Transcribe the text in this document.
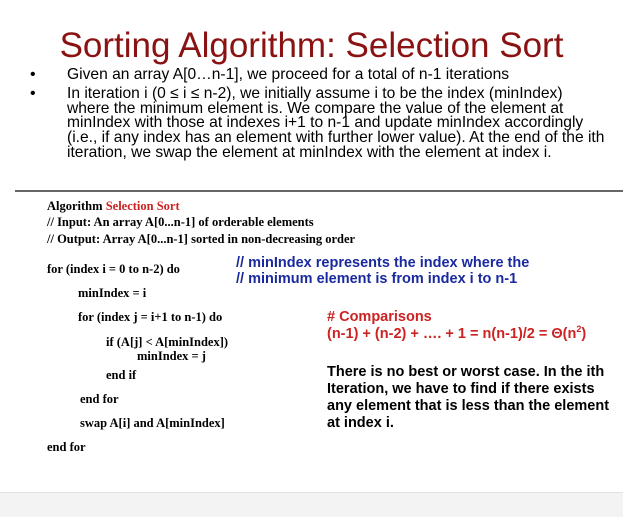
Sorting Algorithm: Selection Sort
• Given an array A[0…n-1], we proceed for a total of n-1 iterations
• In iteration i (0 ≤ i ≤ n-2), we initially assume i to be the index (minIndex) where the minimum element is. We compare the value of the element at minIndex with those at indexes i+1 to n-1 and update minIndex accordingly (i.e., if any index has an element with further lower value). At the end of the ith iteration, we swap the element at minIndex with the element at index i.
Algorithm Selection Sort
// Input: An array A[0...n-1] of orderable elements
// Output: Array A[0...n-1] sorted in non-decreasing order
for (index i = 0 to n-2) do
minIndex = i
for (index j = i+1 to n-1) do
if (A[j] < A[minIndex])
minIndex = j
end if
end for
swap A[i] and A[minIndex]
end for
// minIndex represents the index where the
// minimum element is from index i to n-1
# Comparisons
(n-1) + (n-2) + …. + $1 = n(n-1)/2 = \Theta(n^2)$
There is no best or worst case. In the ith Iteration, we have to find if there exists any element that is less than the element at index i.
